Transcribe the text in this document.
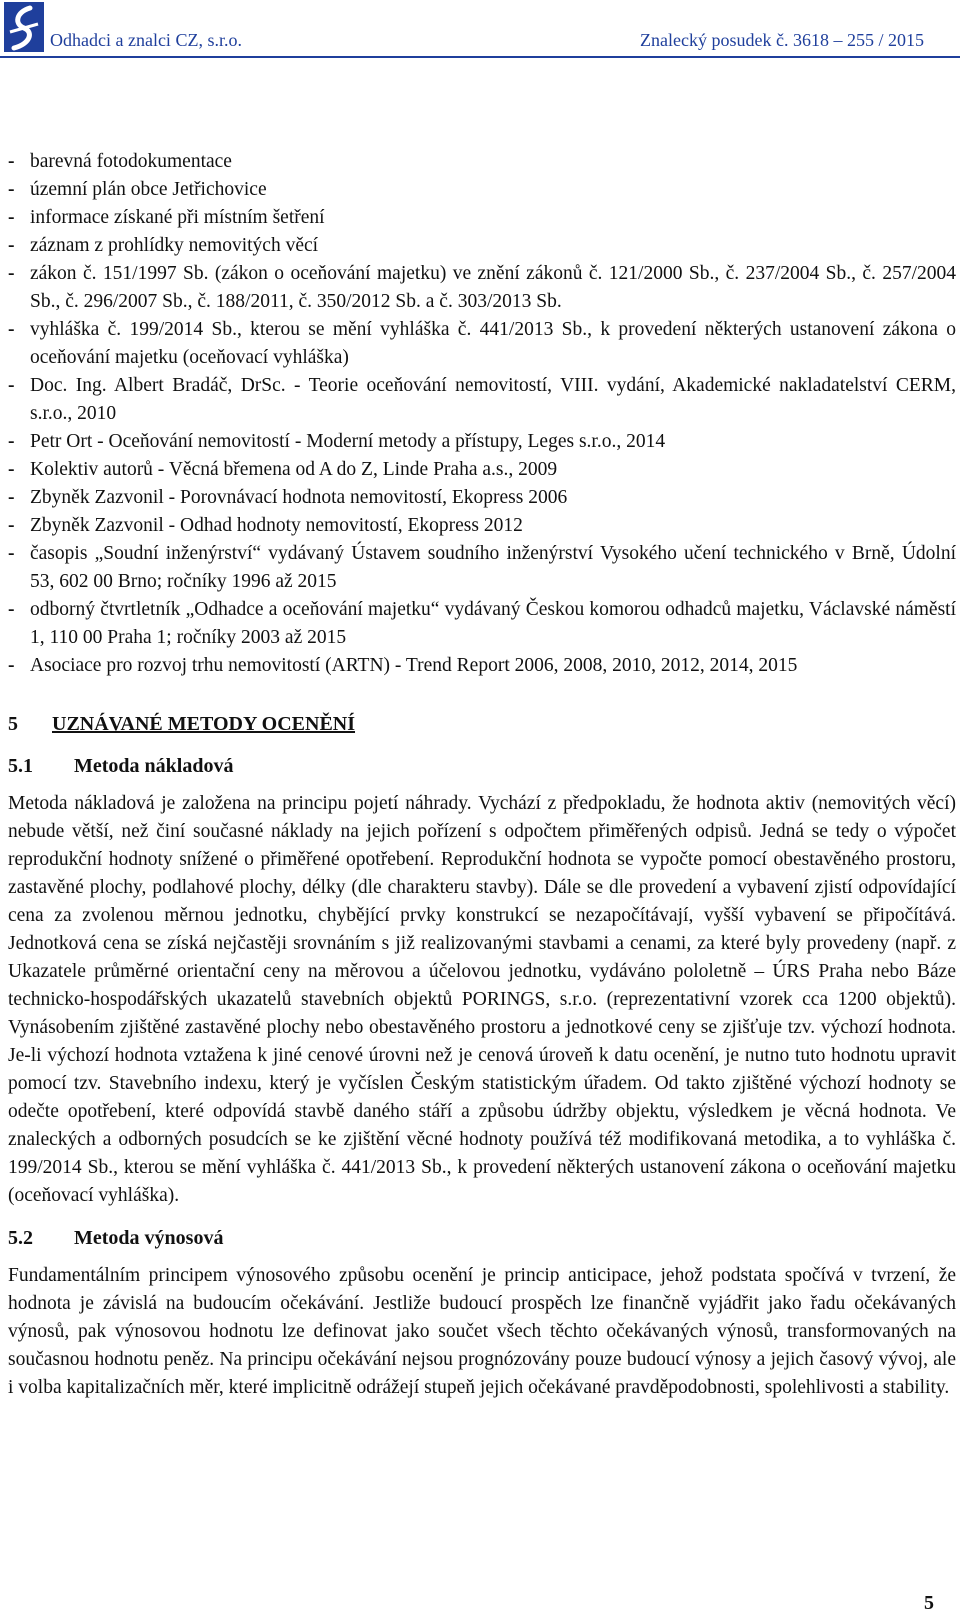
Odhadci a znalci CZ, s.r.o.	Znalecký posudek č. 3618 – 255 / 2015
- barevná fotodokumentace
- územní plán obce Jetřichovice
- informace získané při místním šetření
- záznam z prohlídky nemovitých věcí
- zákon č. 151/1997 Sb. (zákon o oceňování majetku) ve znění zákonů č. 121/2000 Sb., č. 237/2004 Sb., č. 257/2004 Sb., č. 296/2007 Sb., č. 188/2011, č. 350/2012 Sb. a č. 303/2013 Sb.
- vyhláška č. 199/2014 Sb., kterou se mění vyhláška č. 441/2013 Sb., k provedení některých ustanovení zákona o oceňování majetku (oceňovací vyhláška)
- Doc. Ing. Albert Bradáč, DrSc. - Teorie oceňování nemovitostí, VIII. vydání, Akademické nakladatelství CERM, s.r.o., 2010
- Petr Ort - Oceňování nemovitostí - Moderní metody a přístupy, Leges s.r.o., 2014
- Kolektiv autorů - Věcná břemena od A do Z, Linde Praha a.s., 2009
- Zbyněk Zazvonil - Porovnávací hodnota nemovitostí, Ekopress 2006
- Zbyněk Zazvonil - Odhad hodnoty nemovitostí, Ekopress 2012
- časopis „Soudní inženýrství“ vydávaný Ústavem soudního inženýrství Vysokého učení technického v Brně, Údolní 53, 602 00 Brno; ročníky 1996 až 2015
- odborný čtvrtletník „Odhadce a oceňování majetku“ vydávaný Českou komorou odhadců majetku, Václavské náměstí 1, 110 00 Praha 1; ročníky 2003 až 2015
- Asociace pro rozvoj trhu nemovitostí (ARTN) - Trend Report 2006, 2008, 2010, 2012, 2014, 2015
5 UZNÁVANÉ METODY OCENĚNÍ
5.1 Metoda nákladová

Metoda nákladová je založena na principu pojetí náhrady. Vychází z předpokladu, že hodnota aktiv (nemovitých věcí) nebude větší, než činí současné náklady na jejich pořízení s odpočtem přiměřených odpisů. Jedná se tedy o výpočet reprodukční hodnoty snížené o přiměřené opotřebení. Reprodukční hodnota se vypočte pomocí obestavěného prostoru, zastavěné plochy, podlahové plochy, délky (dle charakteru stavby). Dále se dle provedení a vybavení zjistí odpovídající cena za zvolenou měrnou jednotku, chybějící prvky konstrukcí se nezapočítávají, vyšší vybavení se připočítává. Jednotková cena se získá nejčastěji srovnáním s již realizovanými stavbami a cenami, za které byly provedeny (např. z Ukazatele průměrné orientační ceny na měrovou a účelovou jednotku, vydáváno pololetně – ÚRS Praha nebo Báze technicko-hospodářských ukazatelů stavebních objektů PORINGS, s.r.o. (reprezentativní vzorek cca 1200 objektů). Vynásobením zjištěné zastavěné plochy nebo obestavěného prostoru a jednotkové ceny se zjišťuje tzv. výchozí hodnota. Je-li výchozí hodnota vztažena k jiné cenové úrovni než je cenová úroveň k datu ocenění, je nutno tuto hodnotu upravit pomocí tzv. Stavebního indexu, který je vyčíslen Českým statistickým úřadem. Od takto zjištěné výchozí hodnoty se odečte opotřebení, které odpovídá stavbě daného stáří a způsobu údržby objektu, výsledkem je věcná hodnota. Ve znaleckých a odborných posudcích se ke zjištění věcné hodnoty používá též modifikovaná metodika, a to vyhláška č. 199/2014 Sb., kterou se mění vyhláška č. 441/2013 Sb., k provedení některých ustanovení zákona o oceňování majetku (oceňovací vyhláška).

5.2 Metoda výnosová

Fundamentálním principem výnosového způsobu ocenění je princip anticipace, jehož podstata spočívá v tvrzení, že hodnota je závislá na budoucím očekávání. Jestliže budoucí prospěch lze finančně vyjádřit jako řadu očekávaných výnosů, pak výnosovou hodnotu lze definovat jako součet všech těchto očekávaných výnosů, transformovaných na současnou hodnotu peněz. Na principu očekávání nejsou prognózovány pouze budoucí výnosy a jejich časový vývoj, ale i volba kapitalizačních měr, které implicitně odrážejí stupeň jejich očekávané pravděpodobnosti, spolehlivosti a stability.

5
